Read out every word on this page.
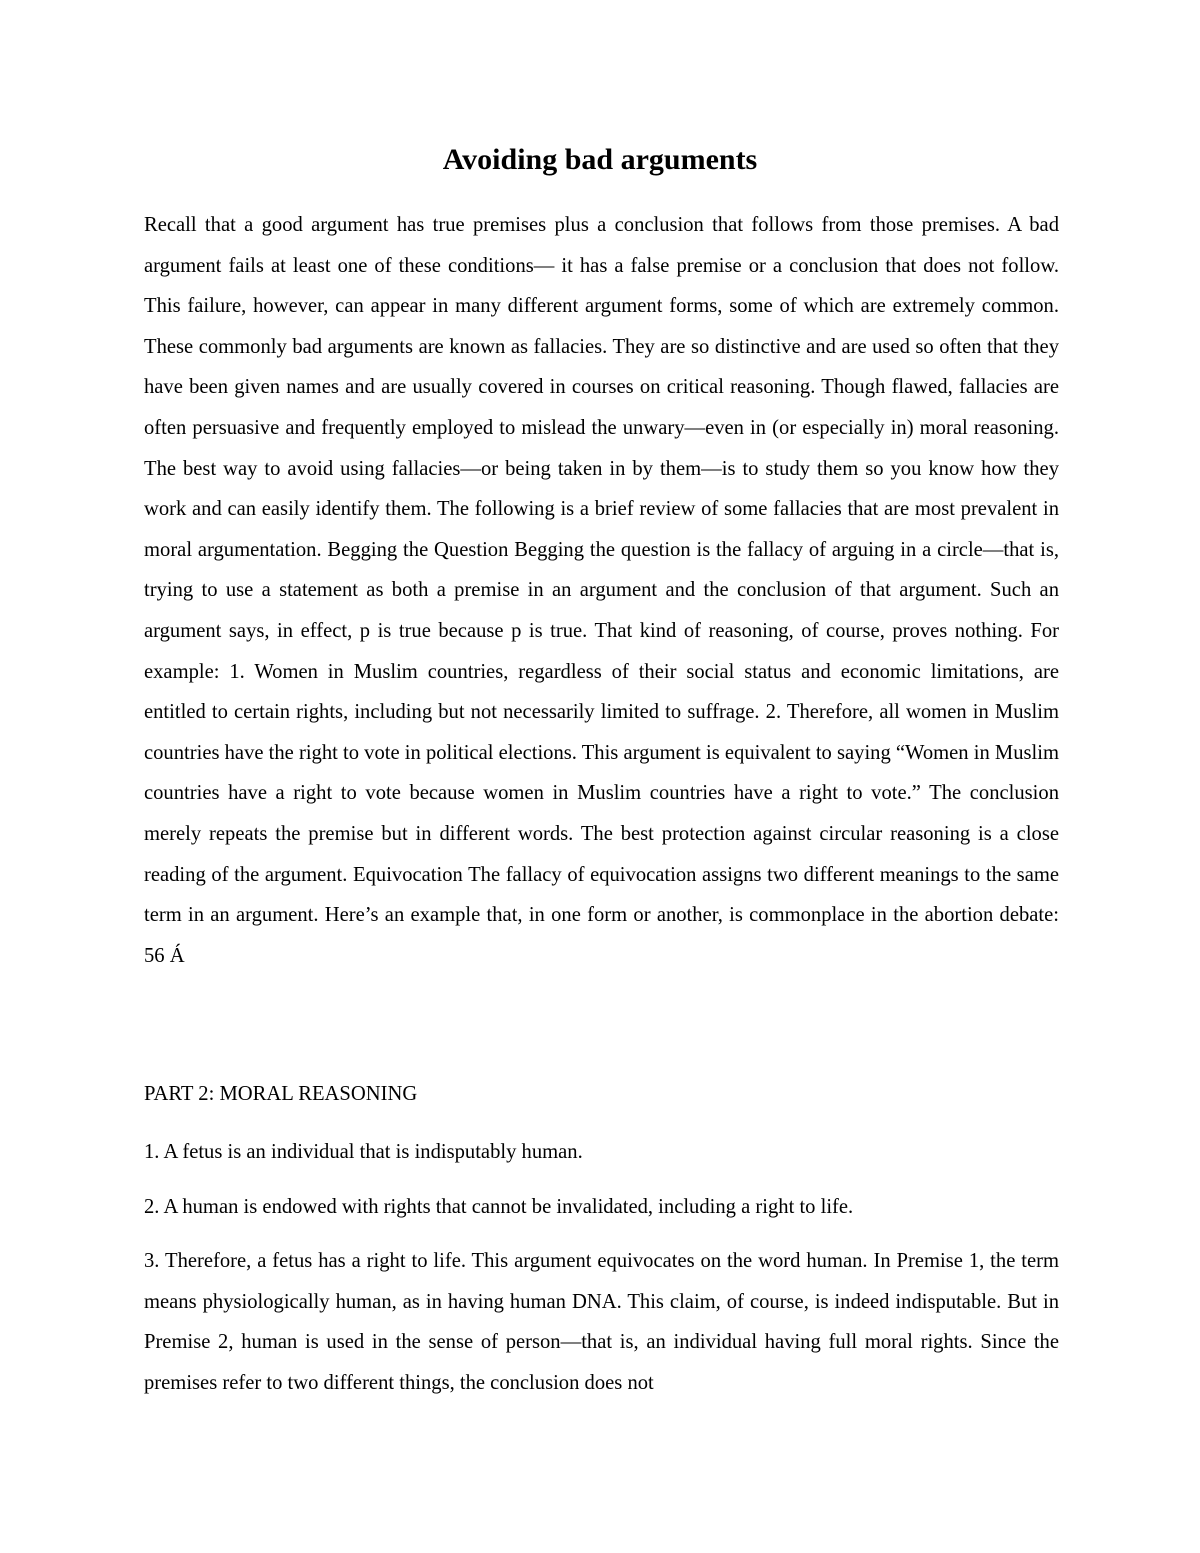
Avoiding bad arguments

Recall that a good argument has true premises plus a conclusion that follows from those premises. A bad argument fails at least one of these conditions— it has a false premise or a conclusion that does not follow. This failure, however, can appear in many different argument forms, some of which are extremely common. These commonly bad arguments are known as fallacies. They are so distinctive and are used so often that they have been given names and are usually covered in courses on critical reasoning. Though flawed, fallacies are often persuasive and frequently employed to mislead the unwary—even in (or especially in) moral reasoning. The best way to avoid using fallacies—or being taken in by them—is to study them so you know how they work and can easily identify them. The following is a brief review of some fallacies that are most prevalent in moral argumentation. Begging the Question Begging the question is the fallacy of arguing in a circle—that is, trying to use a statement as both a premise in an argument and the conclusion of that argument. Such an argument says, in effect, p is true because p is true. That kind of reasoning, of course, proves nothing. For example: 1. Women in Muslim countries, regardless of their social status and economic limitations, are entitled to certain rights, including but not necessarily limited to suffrage. 2. Therefore, all women in Muslim countries have the right to vote in political elections. This argument is equivalent to saying “Women in Muslim countries have a right to vote because women in Muslim countries have a right to vote.” The conclusion merely repeats the premise but in different words. The best protection against circular reasoning is a close reading of the argument. Equivocation The fallacy of equivocation assigns two different meanings to the same term in an argument. Here’s an example that, in one form or another, is commonplace in the abortion debate: 56 Á

PART 2: MORAL REASONING

1. A fetus is an individual that is indisputably human.

2. A human is endowed with rights that cannot be invalidated, including a right to life.

3. Therefore, a fetus has a right to life. This argument equivocates on the word human. In Premise 1, the term means physiologically human, as in having human DNA. This claim, of course, is indeed indisputable. But in Premise 2, human is used in the sense of person—that is, an individual having full moral rights. Since the premises refer to two different things, the conclusion does not
